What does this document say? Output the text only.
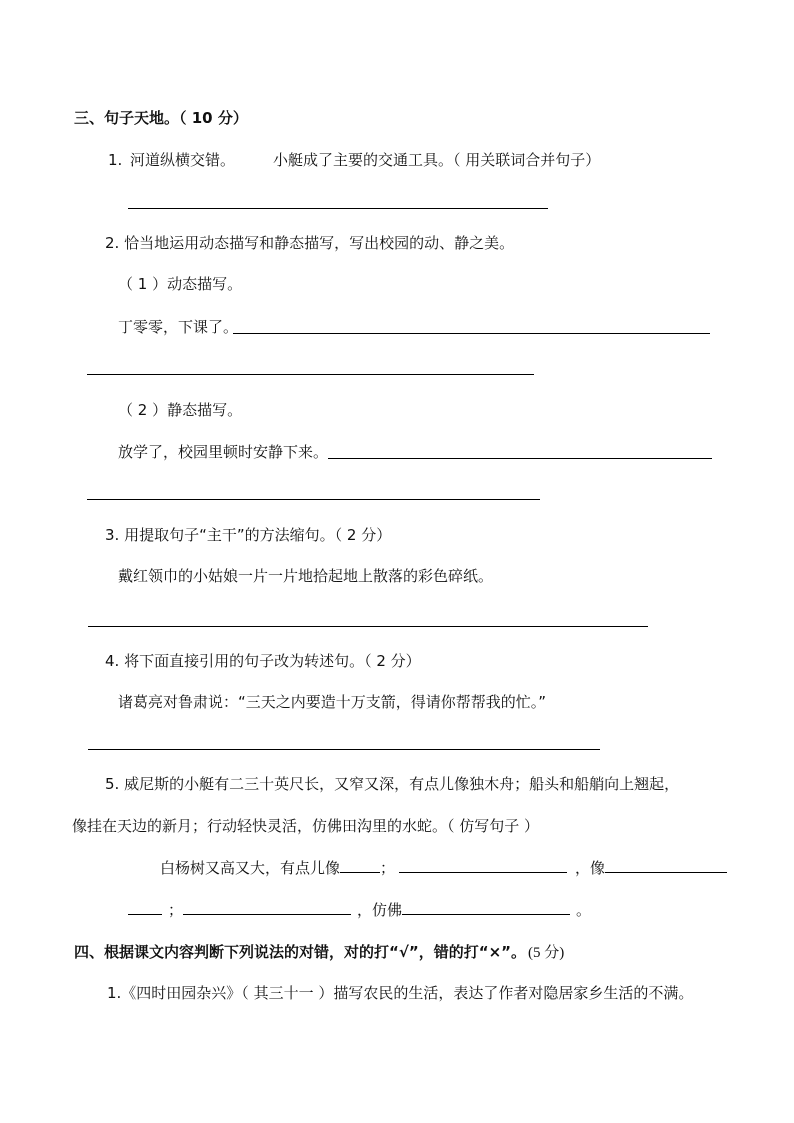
三、句子天地。（ 10 分）
1. 河道纵横交错。	小艇成了主要的交通工具。（ 用关联词合并句子）
2. 恰当地运用动态描写和静态描写，写出校园的动、静之美。
（ 1 ）动态描写。
丁零零，下课了。
（ 2 ）静态描写。
放学了，校园里顿时安静下来。
3. 用提取句子“主干”的方法缩句。（ 2 分）
戴红领巾的小姑娘一片一片地拾起地上散落的彩色碎纸。
4. 将下面直接引用的句子改为转述句。（ 2 分）
诸葛亮对鲁肃说：“三天之内要造十万支箭，得请你帮帮我的忙。”
5. 威尼斯的小艇有二三十英尺长，又窄又深，有点儿像独木舟；船头和船艄向上翘起，
像挂在天边的新月；行动轻快灵活，仿佛田沟里的水蛇。（ 仿写句子 ）
白杨树又高又大，有点儿像	；	，像
；	，仿佛	。
四、根据课文内容判断下列说法的对错，对的打“√”，错的打“×”。 (5 分)
1.《四时田园杂兴》（ 其三十一 ）描写农民的生活，表达了作者对隐居家乡生活的不满。
